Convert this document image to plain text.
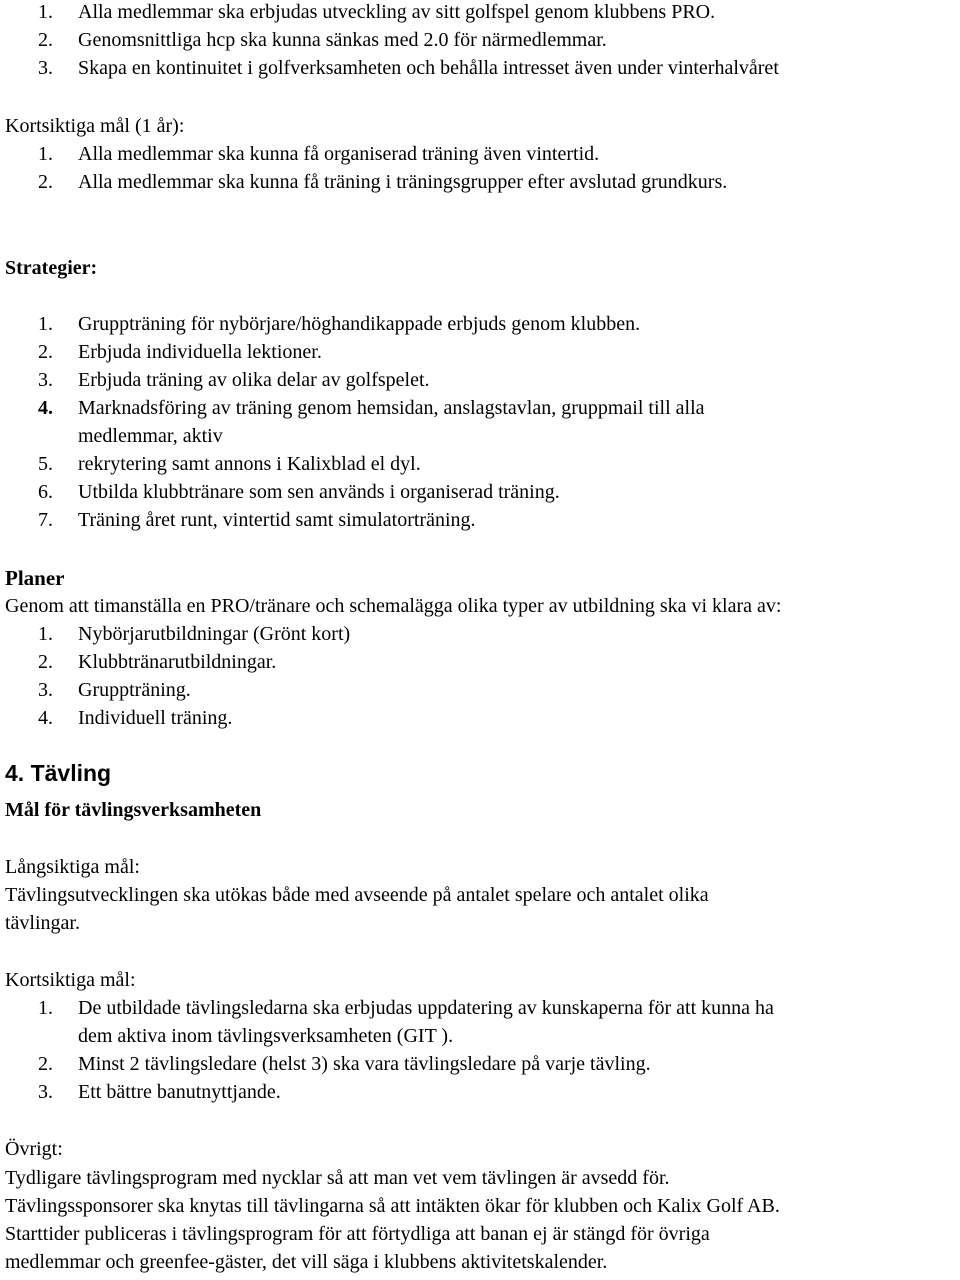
1. Alla medlemmar ska erbjudas utveckling av sitt golfspel genom klubbens PRO.
2. Genomsnittliga hcp ska kunna sänkas med 2.0 för närmedlemmar.
3. Skapa en kontinuitet i golfverksamheten och behålla intresset även under vinterhalvåret
Kortsiktiga mål (1 år):
1. Alla medlemmar ska kunna få organiserad träning även vintertid.
2. Alla medlemmar ska kunna få träning i träningsgrupper efter avslutad grundkurs.
Strategier:
1. Gruppträning för nybörjare/höghandikappade erbjuds genom klubben.
2. Erbjuda individuella lektioner.
3. Erbjuda träning av olika delar av golfspelet.
4. Marknadsföring av träning genom hemsidan, anslagstavlan, gruppmail till alla
medlemmar, aktiv
5. rekrytering samt annons i Kalixblad el dyl.
6. Utbilda klubbtränare som sen används i organiserad träning.
7. Träning året runt, vintertid samt simulatorträning.
Planer
Genom att timanställa en PRO/tränare och schemalägga olika typer av utbildning ska vi klara av:
1. Nybörjarutbildningar (Grönt kort)
2. Klubbtränarutbildningar.
3. Gruppträning.
4. Individuell träning.
4. Tävling
Mål för tävlingsverksamheten
Långsiktiga mål:
Tävlingsutvecklingen ska utökas både med avseende på antalet spelare och antalet olika
tävlingar.
Kortsiktiga mål:
1. De utbildade tävlingsledarna ska erbjudas uppdatering av kunskaperna för att kunna ha
dem aktiva inom tävlingsverksamheten (GIT ).
2. Minst 2 tävlingsledare (helst 3) ska vara tävlingsledare på varje tävling.
3. Ett bättre banutnyttjande.
Övrigt:
Tydligare tävlingsprogram med nycklar så att man vet vem tävlingen är avsedd för.
Tävlingssponsorer ska knytas till tävlingarna så att intäkten ökar för klubben och Kalix Golf AB.
Starttider publiceras i tävlingsprogram för att förtydliga att banan ej är stängd för övriga
medlemmar och greenfee-gäster, det vill säga i klubbens aktivitetskalender.
